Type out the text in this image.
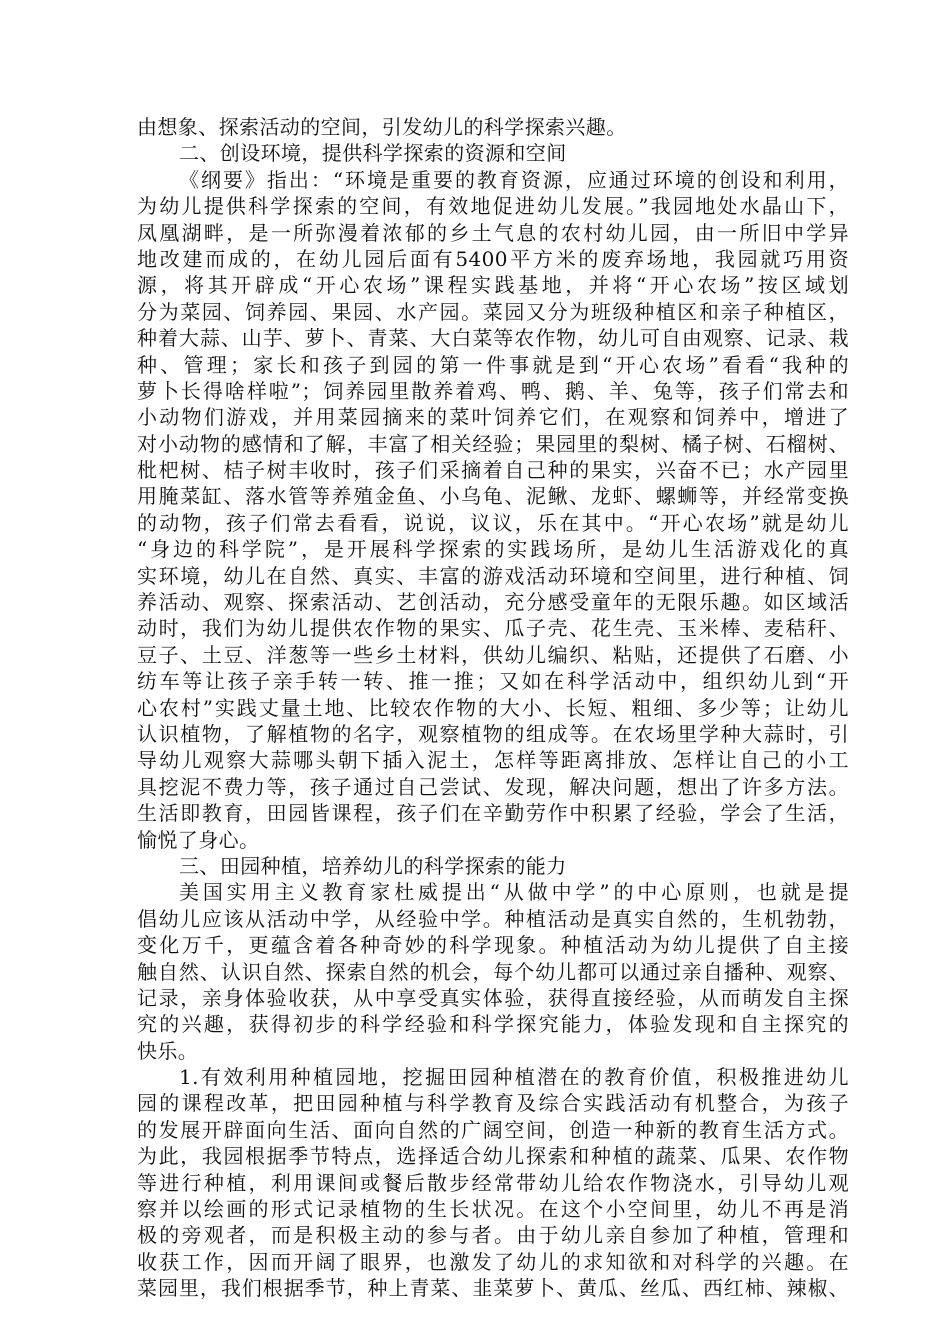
由想象、探索活动的空间，引发幼儿的科学探索兴趣。
二、创设环境，提供科学探索的资源和空间
《纲要》指出：“环境是重要的教育资源，应通过环境的创设和利用，
为幼儿提供科学探索的空间，有效地促进幼儿发展。”我园地处水晶山下，
凤凰湖畔，是一所弥漫着浓郁的乡土气息的农村幼儿园，由一所旧中学异
地改建而成的，在幼儿园后面有5400平方米的废弃场地，我园就巧用资
源，将其开辟成“开心农场”课程实践基地，并将“开心农场”按区域划
分为菜园、饲养园、果园、水产园。菜园又分为班级种植区和亲子种植区，
种着大蒜、山芋、萝卜、青菜、大白菜等农作物，幼儿可自由观察、记录、栽
种、管理；家长和孩子到园的第一件事就是到“开心农场”看看“我种的
萝卜长得啥样啦”；饲养园里散养着鸡、鸭、鹅、羊、兔等，孩子们常去和
小动物们游戏，并用菜园摘来的菜叶饲养它们，在观察和饲养中，增进了
对小动物的感情和了解，丰富了相关经验；果园里的梨树、橘子树、石榴树、
枇杷树、桔子树丰收时，孩子们采摘着自己种的果实，兴奋不已；水产园里
用腌菜缸、落水管等养殖金鱼、小乌龟、泥鳅、龙虾、螺蛳等，并经常变换
的动物，孩子们常去看看，说说，议议，乐在其中。“开心农场”就是幼儿
“身边的科学院”，是开展科学探索的实践场所，是幼儿生活游戏化的真
实环境，幼儿在自然、真实、丰富的游戏活动环境和空间里，进行种植、饲
养活动、观察、探索活动、艺创活动，充分感受童年的无限乐趣。如区域活
动时，我们为幼儿提供农作物的果实、瓜子壳、花生壳、玉米棒、麦秸秆、
豆子、土豆、洋葱等一些乡土材料，供幼儿编织、粘贴，还提供了石磨、小
纺车等让孩子亲手转一转、推一推；又如在科学活动中，组织幼儿到“开
心农村”实践丈量土地、比较农作物的大小、长短、粗细、多少等；让幼儿
认识植物，了解植物的名字，观察植物的组成等。在农场里学种大蒜时，引
导幼儿观察大蒜哪头朝下插入泥土，怎样等距离排放、怎样让自己的小工
具挖泥不费力等，孩子通过自己尝试、发现，解决问题，想出了许多方法。
生活即教育，田园皆课程，孩子们在辛勤劳作中积累了经验，学会了生活，
愉悦了身心。
三、田园种植，培养幼儿的科学探索的能力
美国实用主义教育家杜威提出“从做中学”的中心原则，也就是提
倡幼儿应该从活动中学，从经验中学。种植活动是真实自然的，生机勃勃，
变化万千，更蕴含着各种奇妙的科学现象。种植活动为幼儿提供了自主接
触自然、认识自然、探索自然的机会，每个幼儿都可以通过亲自播种、观察、
记录，亲身体验收获，从中享受真实体验，获得直接经验，从而萌发自主探
究的兴趣，获得初步的科学经验和科学探究能力，体验发现和自主探究的
快乐。
1.有效利用种植园地，挖掘田园种植潜在的教育价值，积极推进幼儿
园的课程改革，把田园种植与科学教育及综合实践活动有机整合，为孩子
的发展开辟面向生活、面向自然的广阔空间，创造一种新的教育生活方式。
为此，我园根据季节特点，选择适合幼儿探索和种植的蔬菜、瓜果、农作物
等进行种植，利用课间或餐后散步经常带幼儿给农作物浇水，引导幼儿观
察并以绘画的形式记录植物的生长状况。在这个小空间里，幼儿不再是消
极的旁观者，而是积极主动的参与者。由于幼儿亲自参加了种植，管理和
收获工作，因而开阔了眼界，也激发了幼儿的求知欲和对科学的兴趣。在
菜园里，我们根据季节，种上青菜、韭菜萝卜、黄瓜、丝瓜、西红柿、辣椒、
